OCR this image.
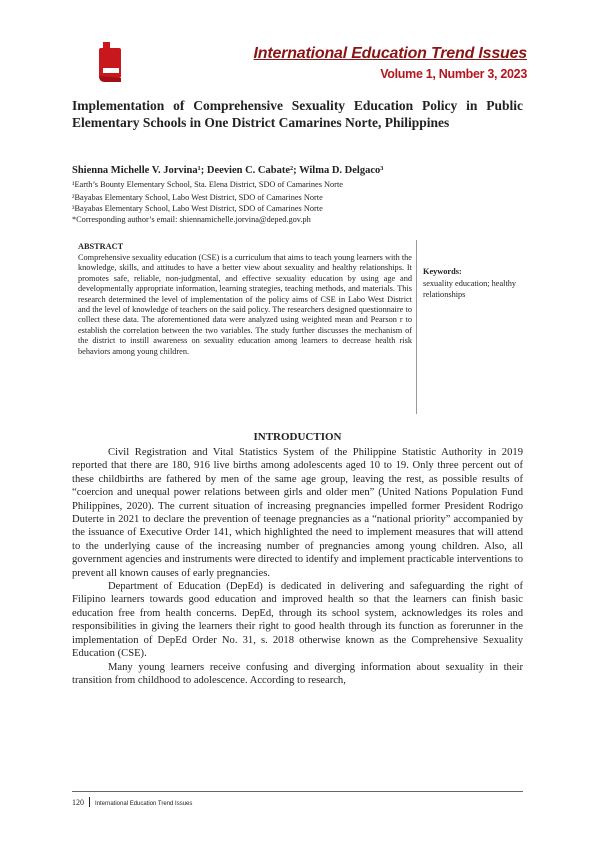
International Education Trend Issues
Volume 1, Number 3, 2023
Implementation of Comprehensive Sexuality Education Policy in Public Elementary Schools in One District Camarines Norte, Philippines
Shienna Michelle V. Jorvina¹; Deevien C. Cabate²; Wilma D. Delgaco³
¹Earth’s Bounty Elementary School, Sta. Elena District, SDO of Camarines Norte
²Bayabas Elementary School, Labo West District, SDO of Camarines Norte
³Bayabas Elementary School, Labo West District, SDO of Camarines Norte
*Corresponding author’s email: shiennamichelle.jorvina@deped.gov.ph
ABSTRACT
Comprehensive sexuality education (CSE) is a curriculum that aims to teach young learners with the knowledge, skills, and attitudes to have a better view about sexuality and healthy relationships. It promotes safe, reliable, non-judgmental, and effective sexuality education by using age and developmentally appropriate information, learning strategies, teaching methods, and materials. This research determined the level of implementation of the policy aims of CSE in Labo West District and the level of knowledge of teachers on the said policy. The researchers designed questionnaire to collect these data. The aforementioned data were analyzed using weighted mean and Pearson r to establish the correlation between the two variables. The study further discusses the mechanism of the district to instill awareness on sexuality education among learners to decrease health risk behaviors among young children.
Keywords:
sexuality education; healthy relationships
INTRODUCTION

Civil Registration and Vital Statistics System of the Philippine Statistic Authority in 2019 reported that there are 180, 916 live births among adolescents aged 10 to 19. Only three percent out of these childbirths are fathered by men of the same age group, leaving the rest, as possible results of “coercion and unequal power relations between girls and older men” (United Nations Population Fund Philippines, 2020). The current situation of increasing pregnancies impelled former President Rodrigo Duterte in 2021 to declare the prevention of teenage pregnancies as a “national priority” accompanied by the issuance of Executive Order 141, which highlighted the need to implement measures that will attend to the underlying cause of the increasing number of pregnancies among young children. Also, all government agencies and instruments were directed to identify and implement practicable interventions to prevent all known causes of early pregnancies.

Department of Education (DepEd) is dedicated in delivering and safeguarding the right of Filipino learners towards good education and improved health so that the learners can finish basic education free from health concerns. DepEd, through its school system, acknowledges its roles and responsibilities in giving the learners their right to good health through its function as forerunner in the implementation of DepEd Order No. 31, s. 2018 otherwise known as the Comprehensive Sexuality Education (CSE).

Many young learners receive confusing and diverging information about sexuality in their transition from childhood to adolescence. According to research,

120 International Education Trend Issues
